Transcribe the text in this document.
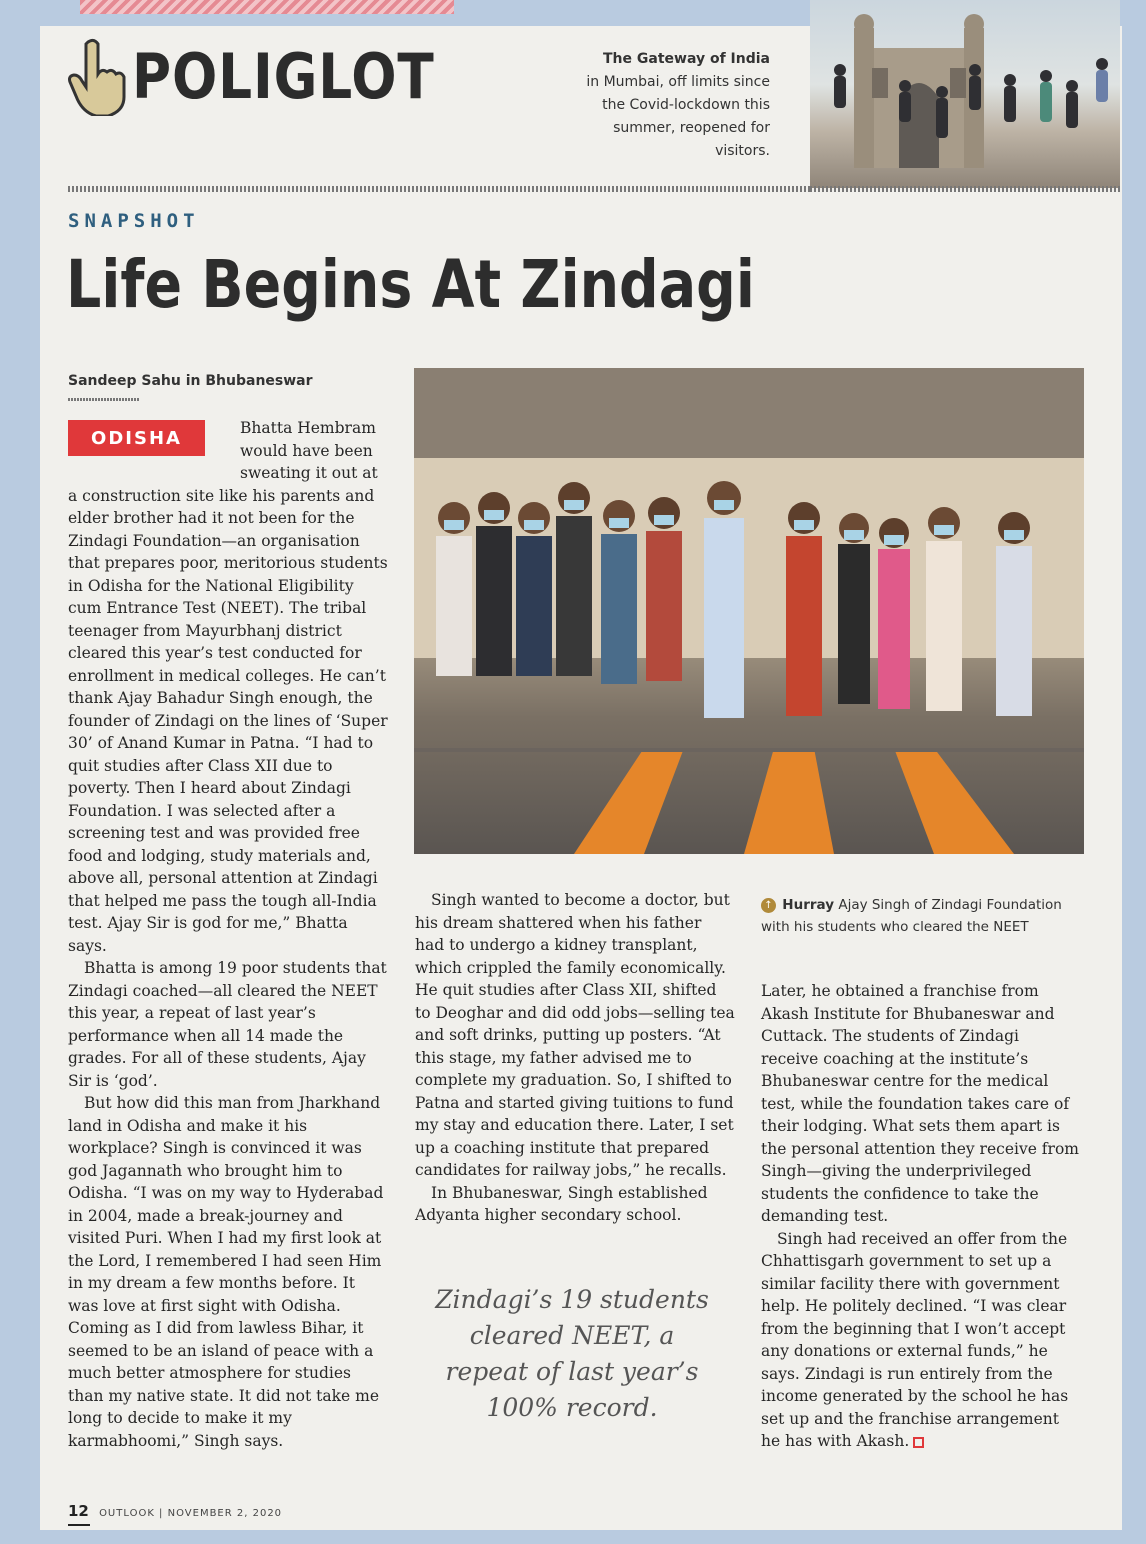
POLIGLOT	The Gateway of India
in Mumbai, off limits since the Covid-lockdown this summer, reopened for visitors.
SNAPSHOT
Life Begins At Zindagi
Sandeep Sahu in Bhubaneswar
ODISHA	Bhatta Hembram would have been sweating it out at a construction site like his parents and elder brother had it not been for the Zindagi Foundation—an organisation that prepares poor, meritorious students in Odisha for the National Eligibility cum Entrance Test (NEET). The tribal teenager from Mayurbhanj district cleared this year’s test conducted for enrollment in medical colleges. He can’t thank Ajay Bahadur Singh enough, the founder of Zindagi on the lines of ‘Super 30’ of Anand Kumar in Patna. “I had to quit studies after Class XII due to poverty. Then I heard about Zindagi Foundation. I was selected after a screening test and was provided free food and lodging, study materials and, above all, personal attention at Zindagi that helped me pass the tough all-India test. Ajay Sir is god for me,” Bhatta says.

Bhatta is among 19 poor students that Zindagi coached—all cleared the NEET this year, a repeat of last year’s performance when all 14 made the grades. For all of these students, Ajay Sir is ‘god’.

But how did this man from Jharkhand land in Odisha and make it his workplace? Singh is convinced it was god Jagannath who brought him to Odisha. “I was on my way to Hyderabad in 2004, made a break-journey and visited Puri. When I had my first look at the Lord, I remembered I had seen Him in my dream a few months before. It was love at first sight with Odisha. Coming as I did from lawless Bihar, it seemed to be an island of peace with a much better atmosphere for studies than my native state. It did not take me long to decide to make it my karmabhoomi,” Singh says.

↑ Hurray Ajay Singh of Zindagi Foundation with his students who cleared the NEET

Singh wanted to become a doctor, but his dream shattered when his father had to undergo a kidney transplant, which crippled the family economically. He quit studies after Class XII, shifted to Deoghar and did odd jobs—selling tea and soft drinks, putting up posters. “At this stage, my father advised me to complete my graduation. So, I shifted to Patna and started giving tuitions to fund my stay and education there. Later, I set up a coaching institute that prepared candidates for railway jobs,” he recalls.

In Bhubaneswar, Singh established Adyanta higher secondary school.

Zindagi’s 19 students cleared NEET, a repeat of last year’s 100% record.

Later, he obtained a franchise from Akash Institute for Bhubaneswar and Cuttack. The students of Zindagi receive coaching at the institute’s Bhubaneswar centre for the medical test, while the foundation takes care of their lodging. What sets them apart is the personal attention they receive from Singh—giving the underprivileged students the confidence to take the demanding test.

Singh had received an offer from the Chhattisgarh government to set up a similar facility there with government help. He politely declined. “I was clear from the beginning that I won’t accept any donations or external funds,” he says. Zindagi is run entirely from the income generated by the school he has set up and the franchise arrangement he has with Akash.

12 OUTLOOK | NOVEMBER 2, 2020
